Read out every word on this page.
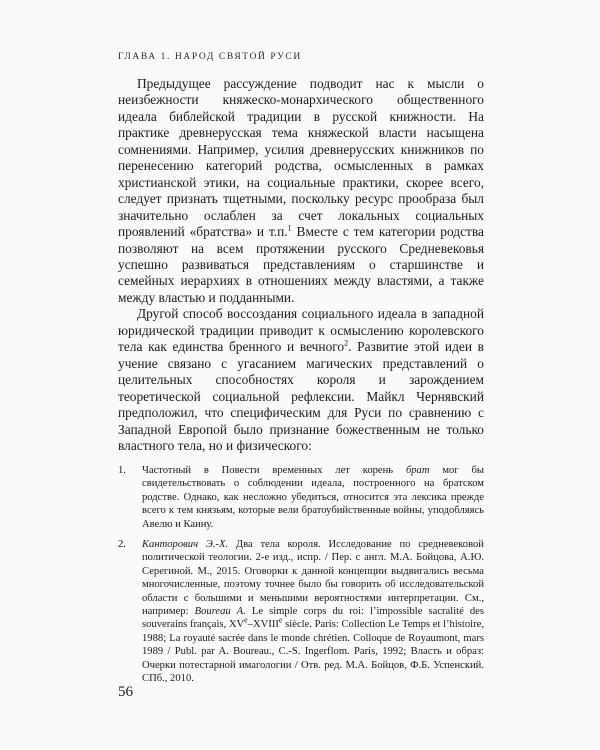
ГЛАВА 1. НАРОД СВЯТОЙ РУСИ

Предыдущее рассуждение подводит нас к мысли о неизбежности княжеско-монархического общественного идеала библейской традиции в русской книжности. На практике древнерусская тема княжеской власти насыщена сомнениями. Например, усилия древнерусских книжников по перенесению категорий родства, осмысленных в рамках христианской этики, на социальные практики, скорее всего, следует признать тщетными, поскольку ресурс прообраза был значительно ослаблен за счет локальных социальных проявлений «братства» и т.п.$^1$ Вместе с тем категории родства позволяют на всем протяжении русского Средневековья успешно развиваться представлениям о старшинстве и семейных иерархиях в отношениях между властями, а также между властью и подданными.

Другой способ воссоздания социального идеала в западной юридической традиции приводит к осмыслению королевского тела как единства бренного и вечного$^2$. Развитие этой идеи в учение связано с угасанием магических представлений о целительных способностях короля и зарождением теоретической социальной рефлексии. Майкл Чернявский предположил, что специфическим для Руси по сравнению с Западной Европой было признание божественным не только властного тела, но и физического:

1.	Частотный в Повести временных лет корень брат мог бы свидетельствовать о соблюдении идеала, построенного на братском родстве. Однако, как несложно убедиться, относится эта лексика прежде всего к тем князьям, которые вели братоубийственные войны, уподобляясь Авелю и Каину.
2.	Канторович Э.-Х. Два тела короля. Исследование по средневековой политической теологии. 2-е изд., испр. / Пер. с англ. М.А. Бойцова, А.Ю. Серегиной. М., 2015. Оговорки к данной концепции выдвигались весьма многочисленные, поэтому точнее было бы говорить об исследовательской области с большими и меньшими вероятностями интерпретации. См., например: Boureau A. Le simple corps du roi: l’impossible sacralité des souverains français, XVe–XVIIIe siècle. Paris: Collection Le Temps et l’histoire, 1988; La royauté sacrée dans le monde chrétien. Colloque de Royaumont, mars 1989 / Publ. par A. Boureau., C.-S. Ingerflom. Paris, 1992; Власть и образ: Очерки потестарной имагологии / Отв. ред. М.А. Бойцов, Ф.Б. Успенский. СПб., 2010.
56
